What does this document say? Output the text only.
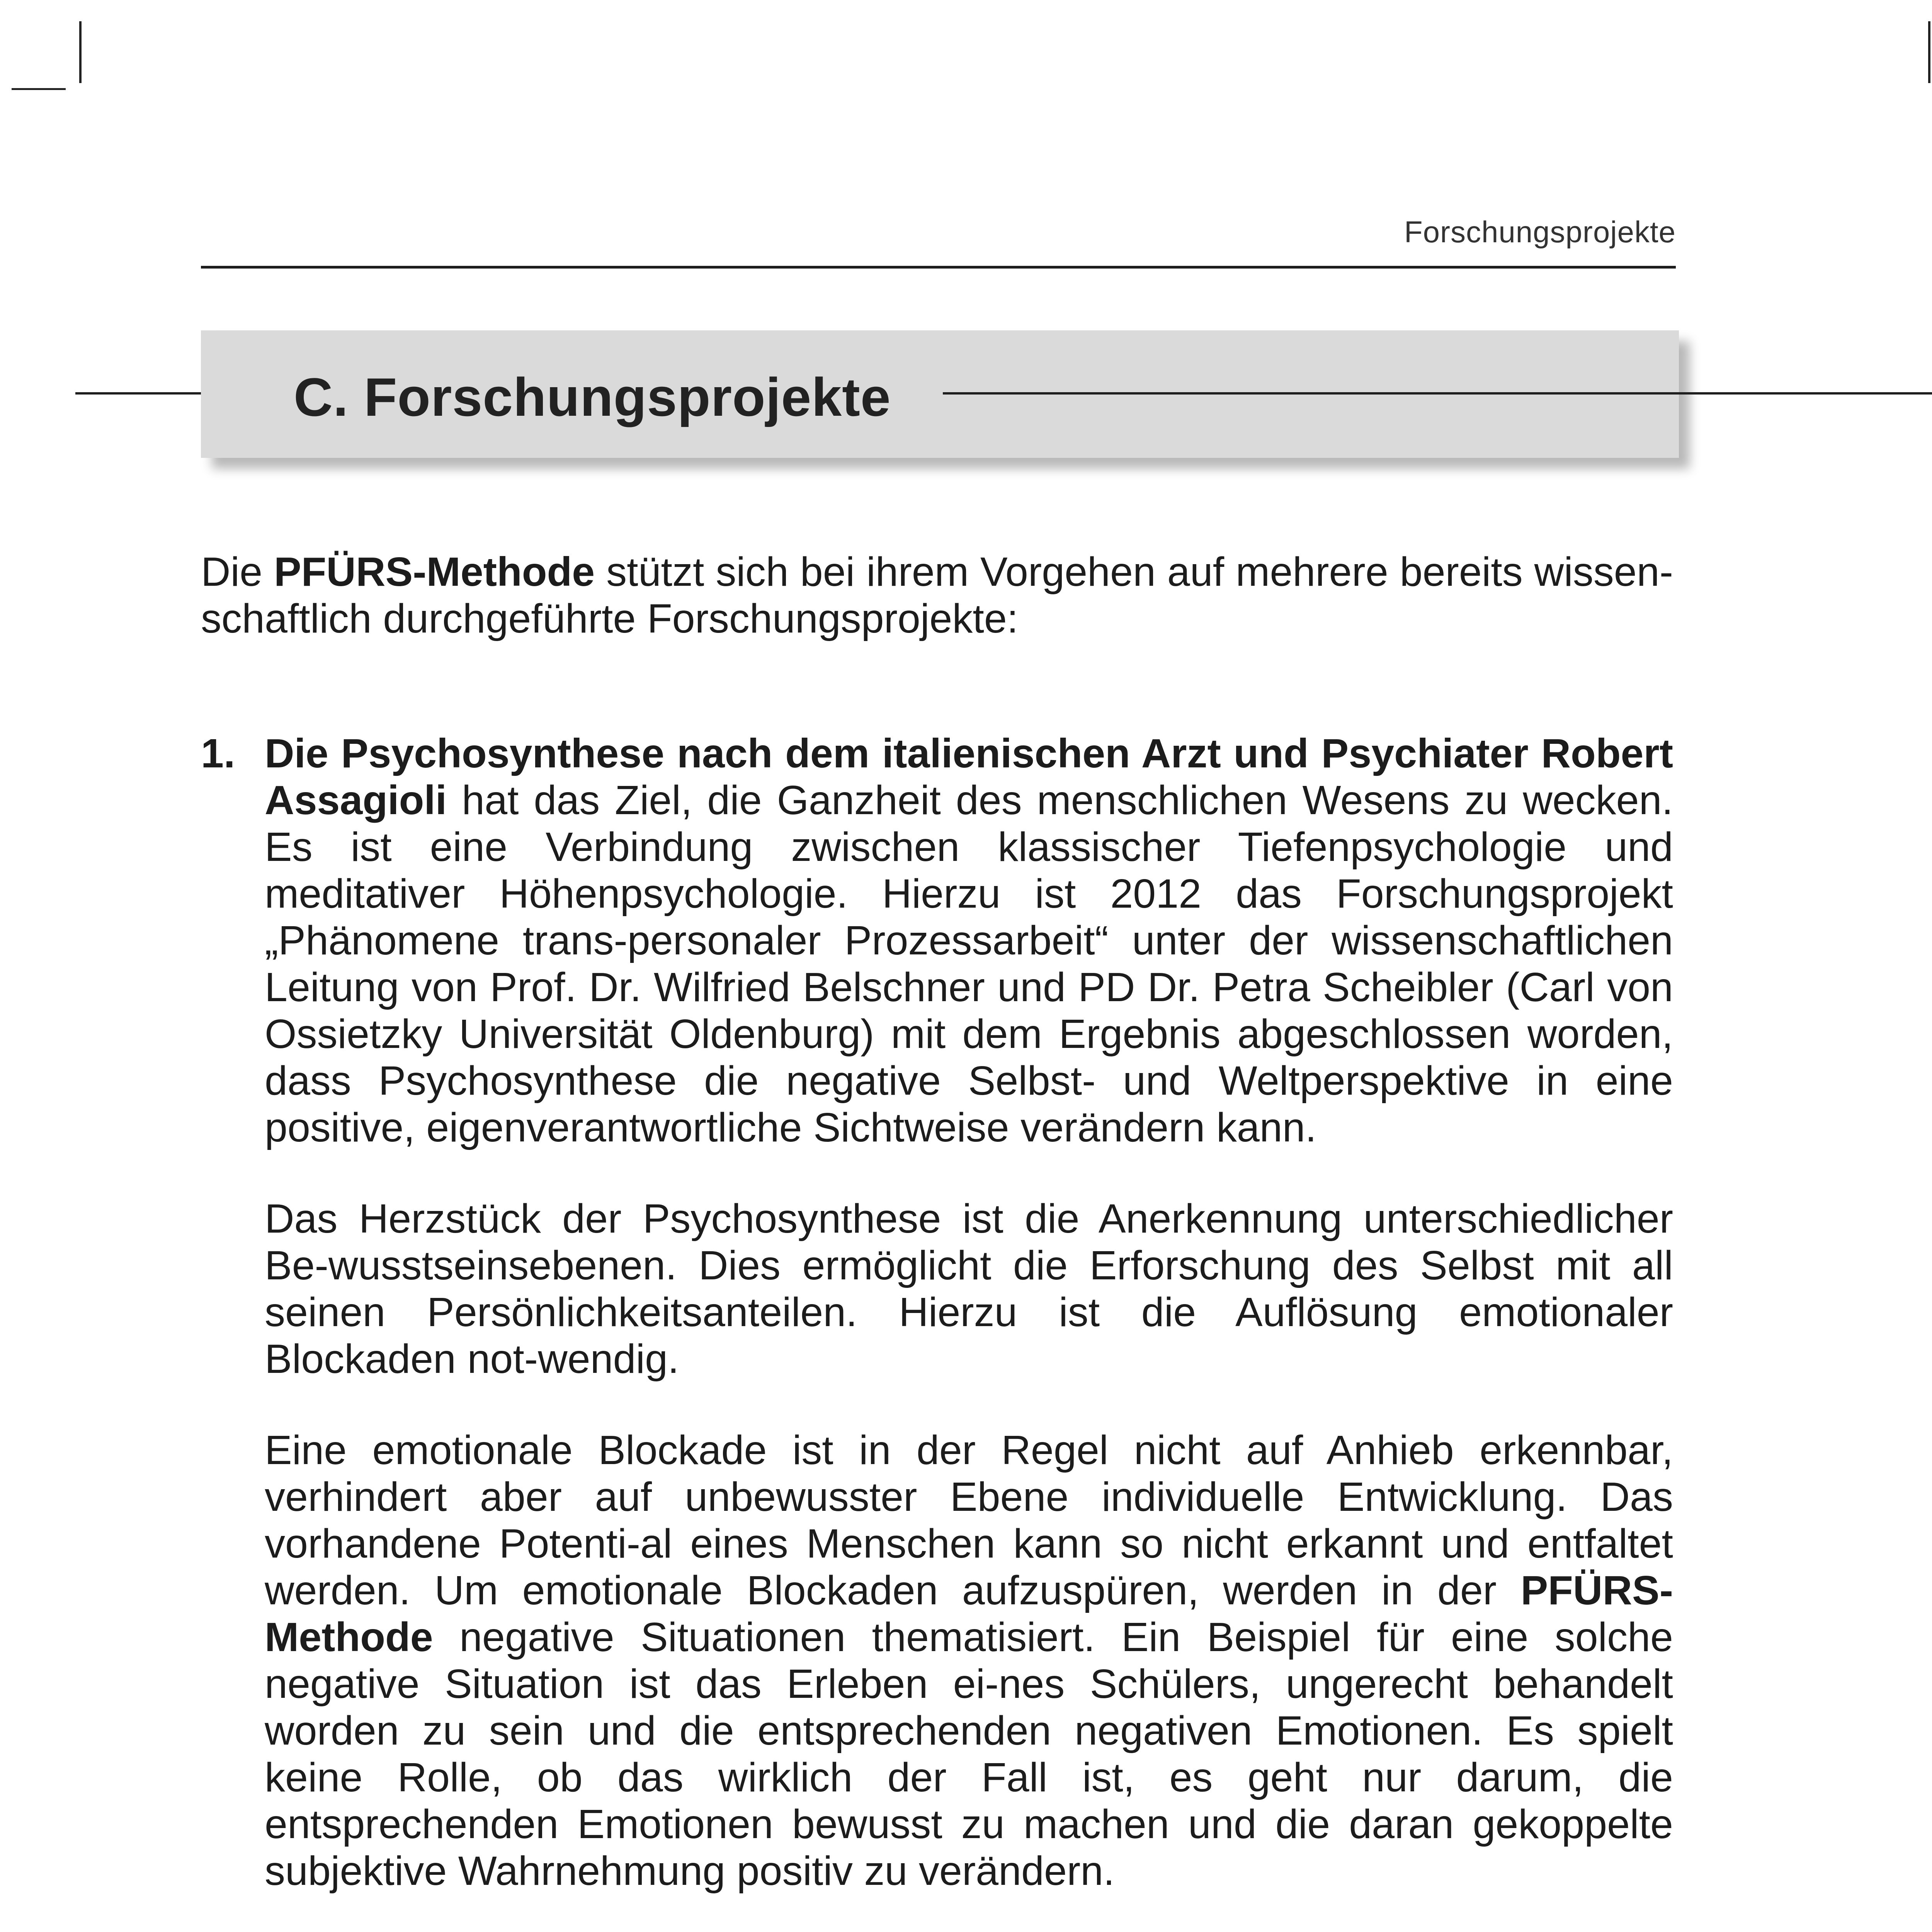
Forschungsprojekte
C. Forschungsprojekte
Die PFÜRS-Methode stützt sich bei ihrem Vorgehen auf mehrere bereits wissen-schaftlich durchgeführte Forschungsprojekte:
1. Die Psychosynthese nach dem italienischen Arzt und Psychiater Robert Assagioli hat das Ziel, die Ganzheit des menschlichen Wesens zu wecken. Es ist eine Verbindung zwischen klassischer Tiefenpsychologie und meditativer Höhenpsychologie. Hierzu ist 2012 das Forschungsprojekt „Phänomene trans-personaler Prozessarbeit“ unter der wissenschaftlichen Leitung von Prof. Dr. Wilfried Belschner und PD Dr. Petra Scheibler (Carl von Ossietzky Universität Oldenburg) mit dem Ergebnis abgeschlossen worden, dass Psychosynthese die negative Selbst- und Weltperspektive in eine positive, eigenverantwortliche Sichtweise verändern kann.

Das Herzstück der Psychosynthese ist die Anerkennung unterschiedlicher Be-wusstseinsebenen. Dies ermöglicht die Erforschung des Selbst mit all seinen Persönlichkeitsanteilen. Hierzu ist die Auflösung emotionaler Blockaden not-wendig.

Eine emotionale Blockade ist in der Regel nicht auf Anhieb erkennbar, verhindert aber auf unbewusster Ebene individuelle Entwicklung. Das vorhandene Potenti-al eines Menschen kann so nicht erkannt und entfaltet werden. Um emotionale Blockaden aufzuspüren, werden in der PFÜRS-Methode negative Situationen thematisiert. Ein Beispiel für eine solche negative Situation ist das Erleben ei-nes Schülers, ungerecht behandelt worden zu sein und die entsprechenden negativen Emotionen. Es spielt keine Rolle, ob das wirklich der Fall ist, es geht nur darum, die entsprechenden Emotionen bewusst zu machen und die daran gekoppelte subjektive Wahrnehmung positiv zu verändern.
